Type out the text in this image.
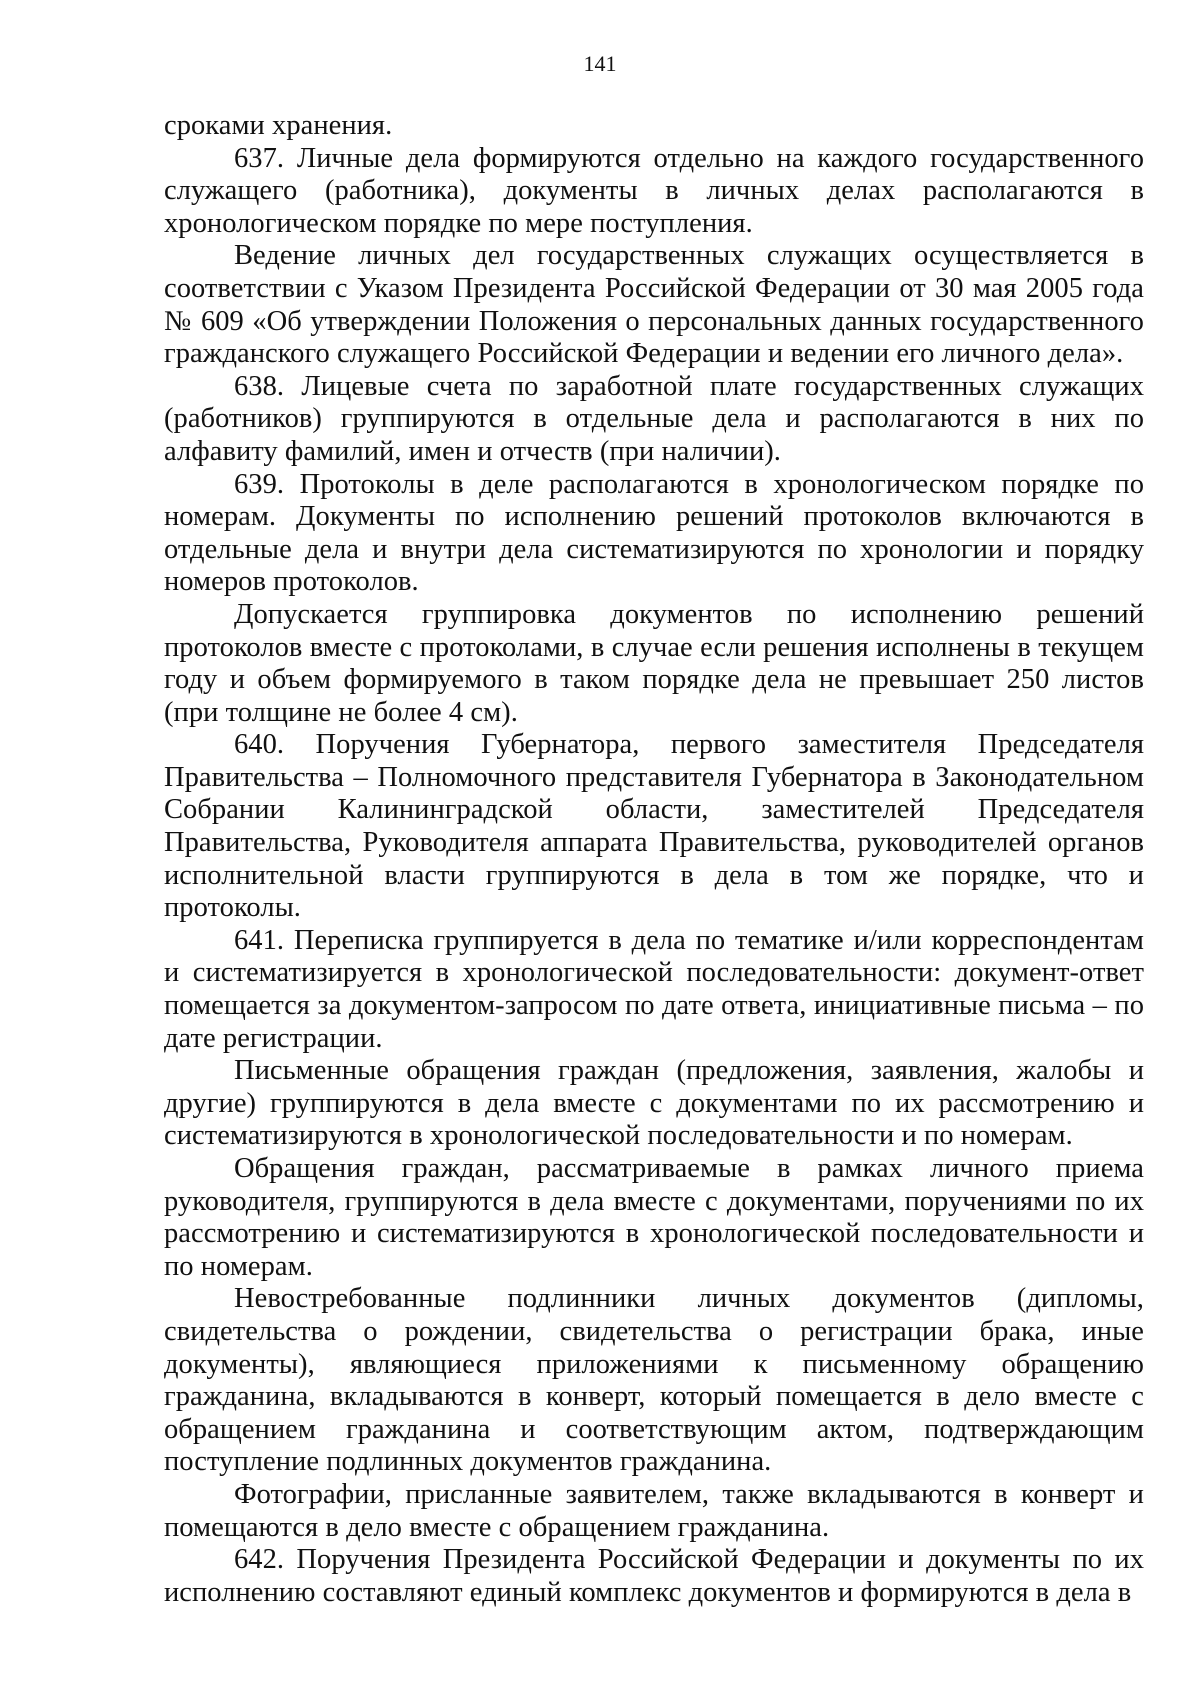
141

сроками хранения.

637. Личные дела формируются отдельно на каждого государственного служащего (работника), документы в личных делах располагаются в хронологическом порядке по мере поступления.

Ведение личных дел государственных служащих осуществляется в соответствии с Указом Президента Российской Федерации от 30 мая 2005 года № 609 «Об утверждении Положения о персональных данных государственного гражданского служащего Российской Федерации и ведении его личного дела».

638. Лицевые счета по заработной плате государственных служащих (работников) группируются в отдельные дела и располагаются в них по алфавиту фамилий, имен и отчеств (при наличии).

639. Протоколы в деле располагаются в хронологическом порядке по номерам. Документы по исполнению решений протоколов включаются в отдельные дела и внутри дела систематизируются по хронологии и порядку номеров протоколов.

Допускается группировка документов по исполнению решений протоколов вместе с протоколами, в случае если решения исполнены в текущем году и объем формируемого в таком порядке дела не превышает 250 листов (при толщине не более 4 см).

640. Поручения Губернатора, первого заместителя Председателя Правительства – Полномочного представителя Губернатора в Законодательном Собрании Калининградской области, заместителей Председателя Правительства, Руководителя аппарата Правительства, руководителей органов исполнительной власти группируются в дела в том же порядке, что и протоколы.

641. Переписка группируется в дела по тематике и/или корреспондентам и систематизируется в хронологической последовательности: документ-ответ помещается за документом-запросом по дате ответа, инициативные письма – по дате регистрации.

Письменные обращения граждан (предложения, заявления, жалобы и другие) группируются в дела вместе с документами по их рассмотрению и систематизируются в хронологической последовательности и по номерам.

Обращения граждан, рассматриваемые в рамках личного приема руководителя, группируются в дела вместе с документами, поручениями по их рассмотрению и систематизируются в хронологической последовательности и по номерам.

Невостребованные подлинники личных документов (дипломы, свидетельства о рождении, свидетельства о регистрации брака, иные документы), являющиеся приложениями к письменному обращению гражданина, вкладываются в конверт, который помещается в дело вместе с обращением гражданина и соответствующим актом, подтверждающим поступление подлинных документов гражданина.

Фотографии, присланные заявителем, также вкладываются в конверт и помещаются в дело вместе с обращением гражданина.

642. Поручения Президента Российской Федерации и документы по их исполнению составляют единый комплекс документов и формируются в дела в
